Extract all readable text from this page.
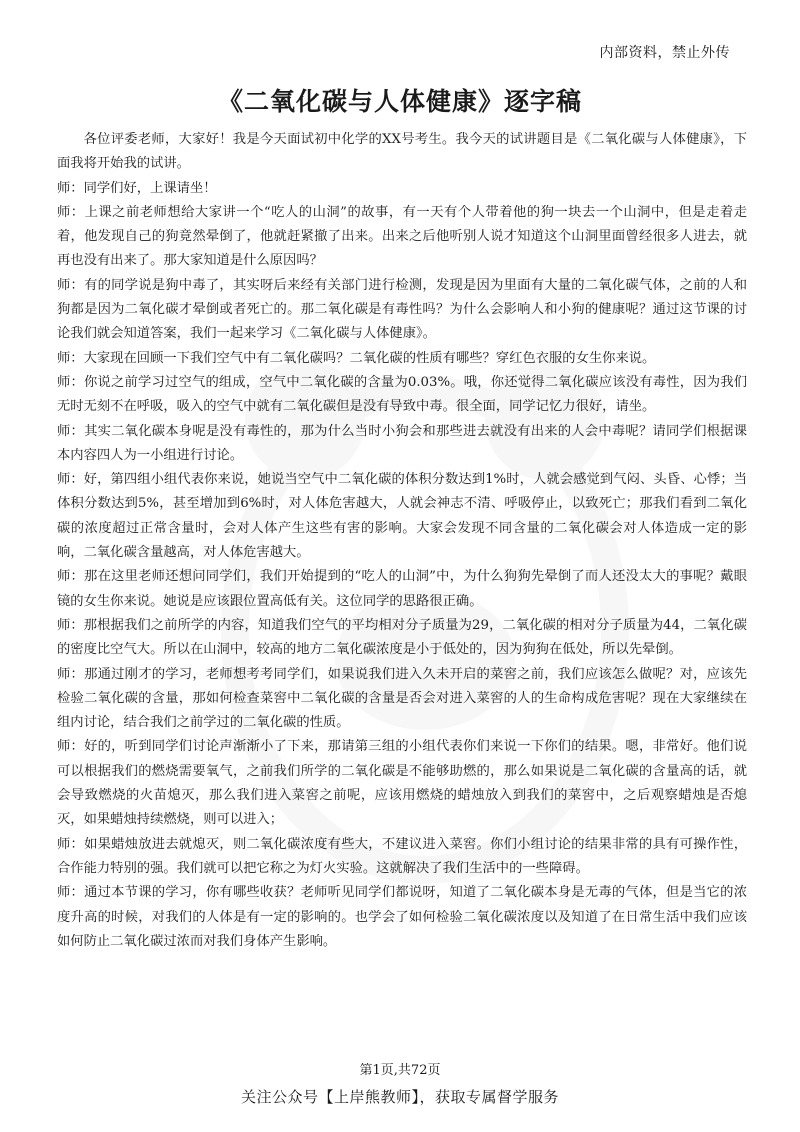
内部资料，禁止外传
《二氧化碳与人体健康》逐字稿

各位评委老师，大家好！我是今天面试初中化学的XX号考生。我今天的试讲题目是《二氧化碳与人体健康》，下面我将开始我的试讲。

师：同学们好，上课请坐！

师：上课之前老师想给大家讲一个“吃人的山洞”的故事，有一天有个人带着他的狗一块去一个山洞中，但是走着走着，他发现自己的狗竟然晕倒了，他就赶紧撤了出来。出来之后他听别人说才知道这个山洞里面曾经很多人进去，就再也没有出来了。那大家知道是什么原因吗？

师：有的同学说是狗中毒了，其实呀后来经有关部门进行检测，发现是因为里面有大量的二氧化碳气体，之前的人和狗都是因为二氧化碳才晕倒或者死亡的。那二氧化碳是有毒性吗？为什么会影响人和小狗的健康呢？通过这节课的讨论我们就会知道答案，我们一起来学习《二氧化碳与人体健康》。

师：大家现在回顾一下我们空气中有二氧化碳吗？二氧化碳的性质有哪些？穿红色衣服的女生你来说。

师：你说之前学习过空气的组成，空气中二氧化碳的含量为0.03%。哦，你还觉得二氧化碳应该没有毒性，因为我们无时无刻不在呼吸，吸入的空气中就有二氧化碳但是没有导致中毒。很全面，同学记忆力很好，请坐。

师：其实二氧化碳本身呢是没有毒性的，那为什么当时小狗会和那些进去就没有出来的人会中毒呢？请同学们根据课本内容四人为一小组进行讨论。

师：好，第四组小组代表你来说，她说当空气中二氧化碳的体积分数达到1%时，人就会感觉到气闷、头昏、心悸；当体积分数达到5%，甚至增加到6%时，对人体危害越大，人就会神志不清、呼吸停止，以致死亡；那我们看到二氧化碳的浓度超过正常含量时，会对人体产生这些有害的影响。大家会发现不同含量的二氧化碳会对人体造成一定的影响，二氧化碳含量越高，对人体危害越大。

师：那在这里老师还想问同学们，我们开始提到的“吃人的山洞”中，为什么狗狗先晕倒了而人还没太大的事呢？戴眼镜的女生你来说。她说是应该跟位置高低有关。这位同学的思路很正确。

师：那根据我们之前所学的内容，知道我们空气的平均相对分子质量为29，二氧化碳的相对分子质量为44，二氧化碳的密度比空气大。所以在山洞中，较高的地方二氧化碳浓度是小于低处的，因为狗狗在低处，所以先晕倒。

师：那通过刚才的学习，老师想考考同学们，如果说我们进入久未开启的菜窖之前，我们应该怎么做呢？对，应该先检验二氧化碳的含量，那如何检查菜窖中二氧化碳的含量是否会对进入菜窖的人的生命构成危害呢？现在大家继续在组内讨论，结合我们之前学过的二氧化碳的性质。

师：好的，听到同学们讨论声渐渐小了下来，那请第三组的小组代表你们来说一下你们的结果。嗯，非常好。他们说可以根据我们的燃烧需要氧气，之前我们所学的二氧化碳是不能够助燃的，那么如果说是二氧化碳的含量高的话，就会导致燃烧的火苗熄灭，那么我们进入菜窖之前呢，应该用燃烧的蜡烛放入到我们的菜窖中，之后观察蜡烛是否熄灭，如果蜡烛持续燃烧，则可以进入；

师：如果蜡烛放进去就熄灭，则二氧化碳浓度有些大，不建议进入菜窖。你们小组讨论的结果非常的具有可操作性，合作能力特别的强。我们就可以把它称之为灯火实验。这就解决了我们生活中的一些障碍。

师：通过本节课的学习，你有哪些收获？老师听见同学们都说呀，知道了二氧化碳本身是无毒的气体，但是当它的浓度升高的时候，对我们的人体是有一定的影响的。也学会了如何检验二氧化碳浓度以及知道了在日常生活中我们应该如何防止二氧化碳过浓而对我们身体产生影响。

第1页,共72页
关注公众号【上岸熊教师】，获取专属督学服务
